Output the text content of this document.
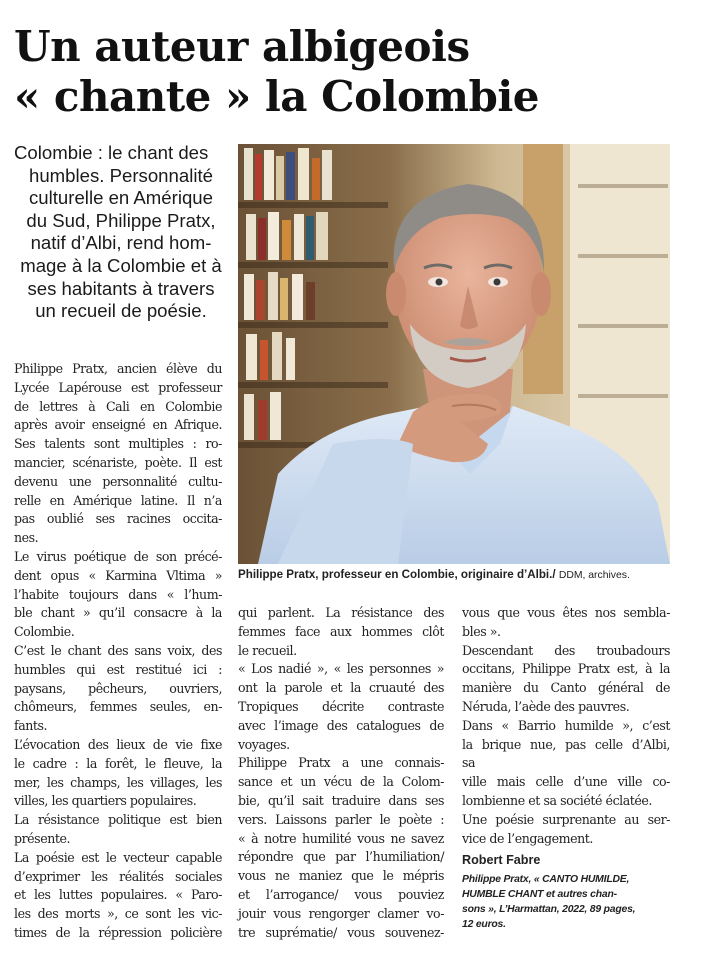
Un auteur albigeois
« chante » la Colombie
Colombie : le chant des
humbles. Personnalité
culturelle en Amérique
du Sud, Philippe Pratx,
natif d’Albi, rend hom-
mage à la Colombie et à
ses habitants à travers
un recueil de poésie.
Philippe Pratx, professeur en Colombie, originaire d’Albi./ DDM, archives.

Philippe Pratx, ancien élève du
Lycée Lapérouse est professeur
de lettres à Cali en Colombie
après avoir enseigné en Afrique.
Ses talents sont multiples : ro-
mancier, scénariste, poète. Il est
devenu une personnalité cultu-
relle en Amérique latine. Il n’a
pas oublié ses racines occita-
nes.

Le virus poétique de son précé-
dent opus « Karmina Vltima »
l’habite toujours dans « l’hum-
ble chant » qu’il consacre à la
Colombie.

C’est le chant des sans voix, des
humbles qui est restitué ici :
paysans, pêcheurs, ouvriers,
chômeurs, femmes seules, en-
fants.

L’évocation des lieux de vie fixe
le cadre : la forêt, le fleuve, la
mer, les champs, les villages, les
villes, les quartiers populaires.

La résistance politique est bien
présente.

La poésie est le vecteur capable
d’exprimer les réalités sociales
et les luttes populaires. « Paro-
les des morts », ce sont les vic-
times de la répression policière

qui parlent. La résistance des
femmes face aux hommes clôt
le recueil.

« Los nadié », « les personnes »
ont la parole et la cruauté des
Tropiques décrite contraste
avec l’image des catalogues de
voyages.

Philippe Pratx a une connais-
sance et un vécu de la Colom-
bie, qu’il sait traduire dans ses
vers. Laissons parler le poète :
« à notre humilité vous ne savez
répondre que par l’humiliation/
vous ne maniez que le mépris
et l’arrogance/ vous pouviez
jouir vous rengorger clamer vo-
tre suprématie/ vous souvenez-

vous que vous êtes nos sembla-
bles ».

Descendant des troubadours
occitans, Philippe Pratx est, à la
manière du Canto général de
Néruda, l’aède des pauvres.

Dans « Barrio humilde », c’est
la brique nue, pas celle d’Albi,
sa

ville mais celle d’une ville co-
lombienne et sa société éclatée.

Une poésie surprenante au ser-
vice de l’engagement.

Robert Fabre
Philippe Pratx, « CANTO HUMILDE,
HUMBLE CHANT et autres chan-
sons », L’Harmattan, 2022, 89 pages,
12 euros.
